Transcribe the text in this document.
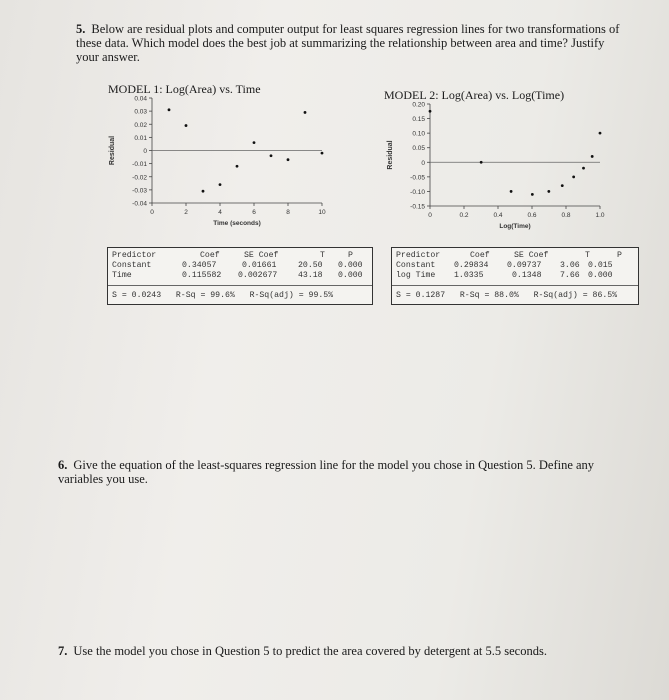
5. Below are residual plots and computer output for least squares regression lines for two transformations of these data. Which model does the best job at summarizing the relationship between area and time? Justify your answer.
MODEL 1: Log(Area) vs. Time
0.04
0.03
0.02
0.01
0
-0.01
-0.02
-0.03
-0.04
0	2	4	6	8	10
Time (seconds)
Residual
MODEL 2: Log(Area) vs. Log(Time)
0.20
0.15
0.10
0.05
0
-0.05
-0.10
-0.15
0	0.2	0.4	0.6	0.8	1.0
Log(Time)
Residual
Predictor	Coef	SE Coef	T	P
Constant	0.34057	0.01661	20.50 0.000
Time	0.115582 0.002677	43.18 0.000
S = 0.0243   R-Sq = 99.6%   R-Sq(adj) = 99.5%
Predictor	Coef	SE Coef	T	P
Constant 0.29834 0.09737 3.06 0.015
log Time 1.0335	0.1348 7.66 0.000
S = 0.1287   R-Sq = 88.0%   R-Sq(adj) = 86.5%
6. Give the equation of the least-squares regression line for the model you chose in Question 5. Define any variables you use.
7. Use the model you chose in Question 5 to predict the area covered by detergent at 5.5 seconds.
